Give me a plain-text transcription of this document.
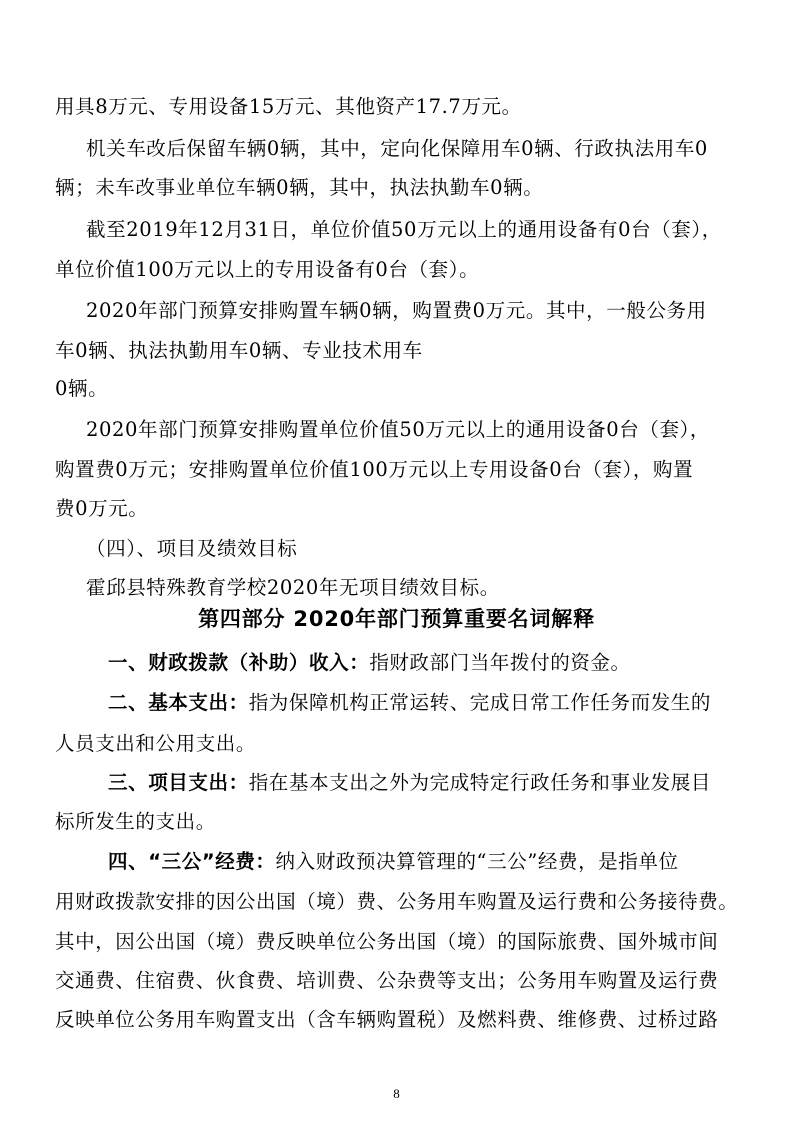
用具8万元、专用设备15万元、其他资产17.7万元。
机关车改后保留车辆0辆，其中，定向化保障用车0辆、行政执法用车0
辆；未车改事业单位车辆0辆，其中，执法执勤车0辆。
截至2019年12月31日，单位价值50万元以上的通用设备有0台（套），
单位价值100万元以上的专用设备有0台（套）。
2020年部门预算安排购置车辆0辆，购置费0万元。其中，一般公务用
车0辆、执法执勤用车0辆、专业技术用车
0辆。
2020年部门预算安排购置单位价值50万元以上的通用设备0台（套），
购置费0万元；安排购置单位价值100万元以上专用设备0台（套），购置
费0万元。
（四）、项目及绩效目标
霍邱县特殊教育学校2020年无项目绩效目标。
第四部分 2020年部门预算重要名词解释
一、财政拨款（补助）收入：指财政部门当年拨付的资金。
二、基本支出：指为保障机构正常运转、完成日常工作任务而发生的
人员支出和公用支出。
三、项目支出：指在基本支出之外为完成特定行政任务和事业发展目
标所发生的支出。
四、“三公”经费：纳入财政预决算管理的“三公”经费，是指单位
用财政拨款安排的因公出国（境）费、公务用车购置及运行费和公务接待费。
其中，因公出国（境）费反映单位公务出国（境）的国际旅费、国外城市间
交通费、住宿费、伙食费、培训费、公杂费等支出；公务用车购置及运行费
反映单位公务用车购置支出（含车辆购置税）及燃料费、维修费、过桥过路
8
